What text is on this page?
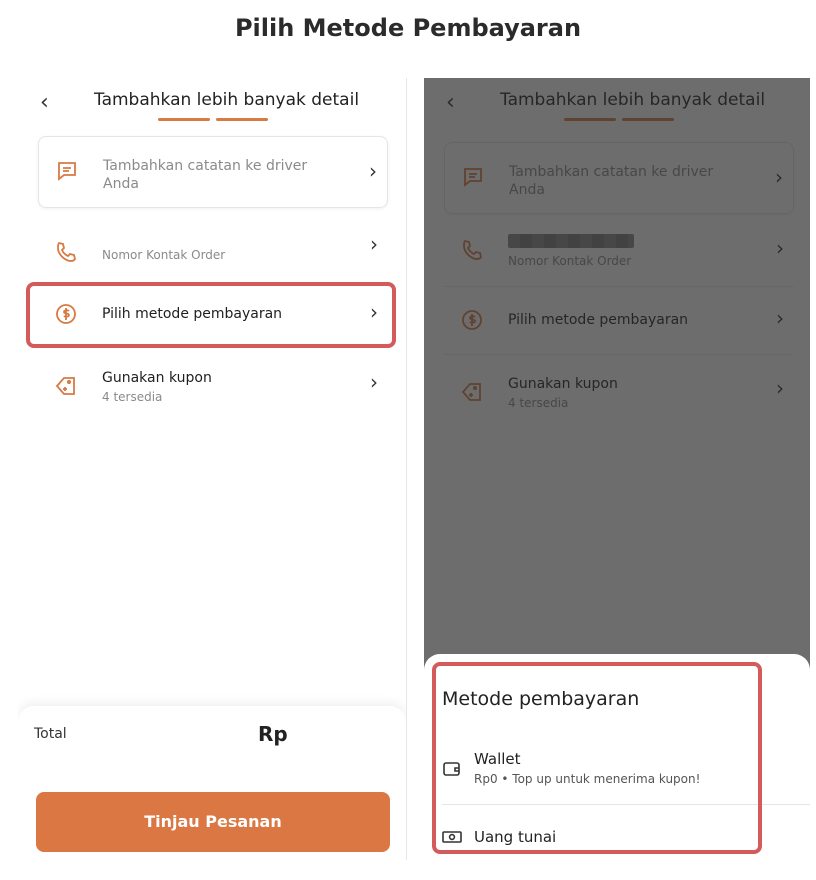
Pilih Metode Pembayaran
‹	Tambahkan lebih banyak detail
Tambahkan catatan ke driver Anda
›
Nomor Kontak Order	›
Pilih metode pembayaran	›
Gunakan kupon
4 tersedia
›
Total	Rp
Tinjau Pesanan
Metode pembayaran
Wallet
Rp0 • Top up untuk menerima kupon!
Uang tunai
